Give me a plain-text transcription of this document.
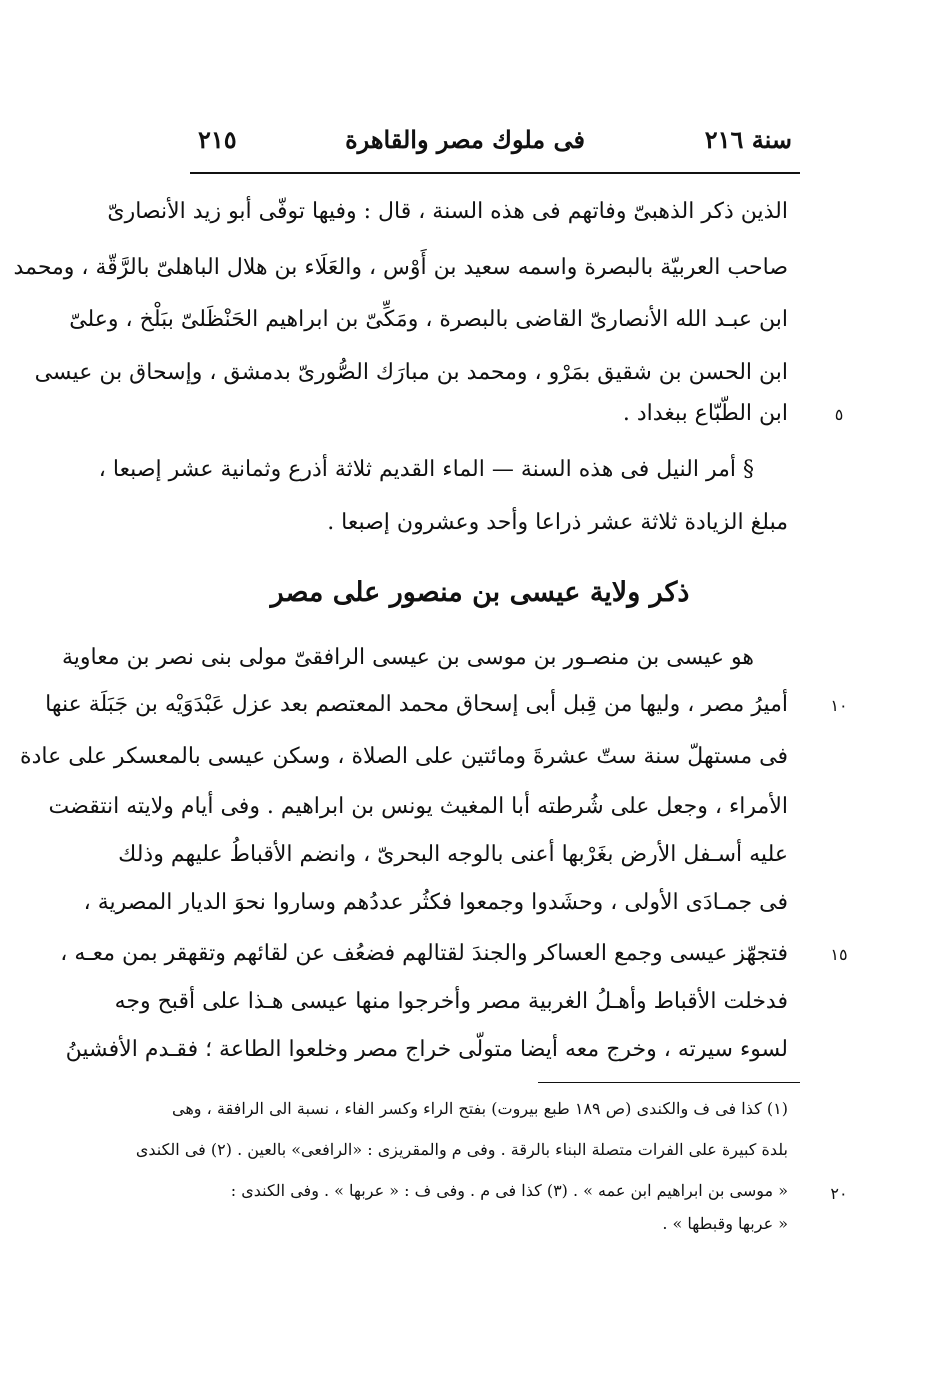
سنة ٢١٦
فى ملوك مصر والقاهرة
٢١٥
الذين ذكر الذهبىّ وفاتهم فى هذه السنة ، قال : وفيها توفّى أبو زيد الأنصارىّ
صاحب العربيّة بالبصرة واسمه سعيد بن أَوْس ، والعَلَاء بن هلال الباهلىّ بالرَّقّة ، ومحمد
ابن عبـد الله الأنصارىّ القاضى بالبصرة ، ومَكِّىّ بن ابراهيم الحَنْظَلىّ ببَلْخ ، وعلىّ
ابن الحسن بن شقيق بمَرْو ، ومحمد بن مبارَك الصُّورىّ بدمشق ، وإسحاق بن عيسى
ابن الطّبّاع ببغداد .
§ أمر النيل فى هذه السنة — الماء القديم ثلاثة أذرع وثمانية عشر إصبعا ،
مبلغ الزيادة ثلاثة عشر ذراعا وأحد وعشرون إصبعا .
ذكر ولاية عيسى بن منصور على مصر
هو عيسى بن منصـور بن موسى بن عيسى الرافقىّ مولى بنى نصر بن معاوية
أميرُ مصر ، وليها من قِبل أبى إسحاق محمد المعتصم بعد عزل عَبْدَوَيْه بن جَبَلَة عنها
فى مستهلّ سنة ستّ عشرةَ ومائتين على الصلاة ، وسكن عيسى بالمعسكر على عادة
الأمراء ، وجعل على شُرطته أبا المغيث يونس بن ابراهيم . وفى أيام ولايته انتقضت
عليه أسـفل الأرض بغَرْبها أعنى بالوجه البحرىّ ، وانضم الأقباطُ عليهم وذلك
فى جمـادَى الأولى ، وحشَدوا وجمعوا فكثُر عددُهم وساروا نحوَ الديار المصرية ،
فتجهّز عيسى وجمع العساكر والجندَ لقتالهم فضعُف عن لقائهم وتقهقر بمن معـه ،
فدخلت الأقباط وأهـلُ الغربية مصر وأخرجوا منها عيسى هـذا على أقبح وجه
لسوء سيرته ، وخرج معه أيضا متولّى خراج مصر وخلعوا الطاعة ؛ فقـدم الأفشينُ
(١) كذا فى ف والكندى (ص ١٨٩ طبع بيروت) بفتح الراء وكسر الفاء ، نسبة الى الرافقة ، وهى
بلدة كبيرة على الفرات متصلة البناء بالرقة . وفى م والمقريزى : «الرافعى» بالعين . (٢) فى الكندى
« موسى بن ابراهيم ابن عمه » . (٣) كذا فى م . وفى ف : « عربها » . وفى الكندى :
« عربها وقبطها » .
٥
١٠
١٥
٢٠
